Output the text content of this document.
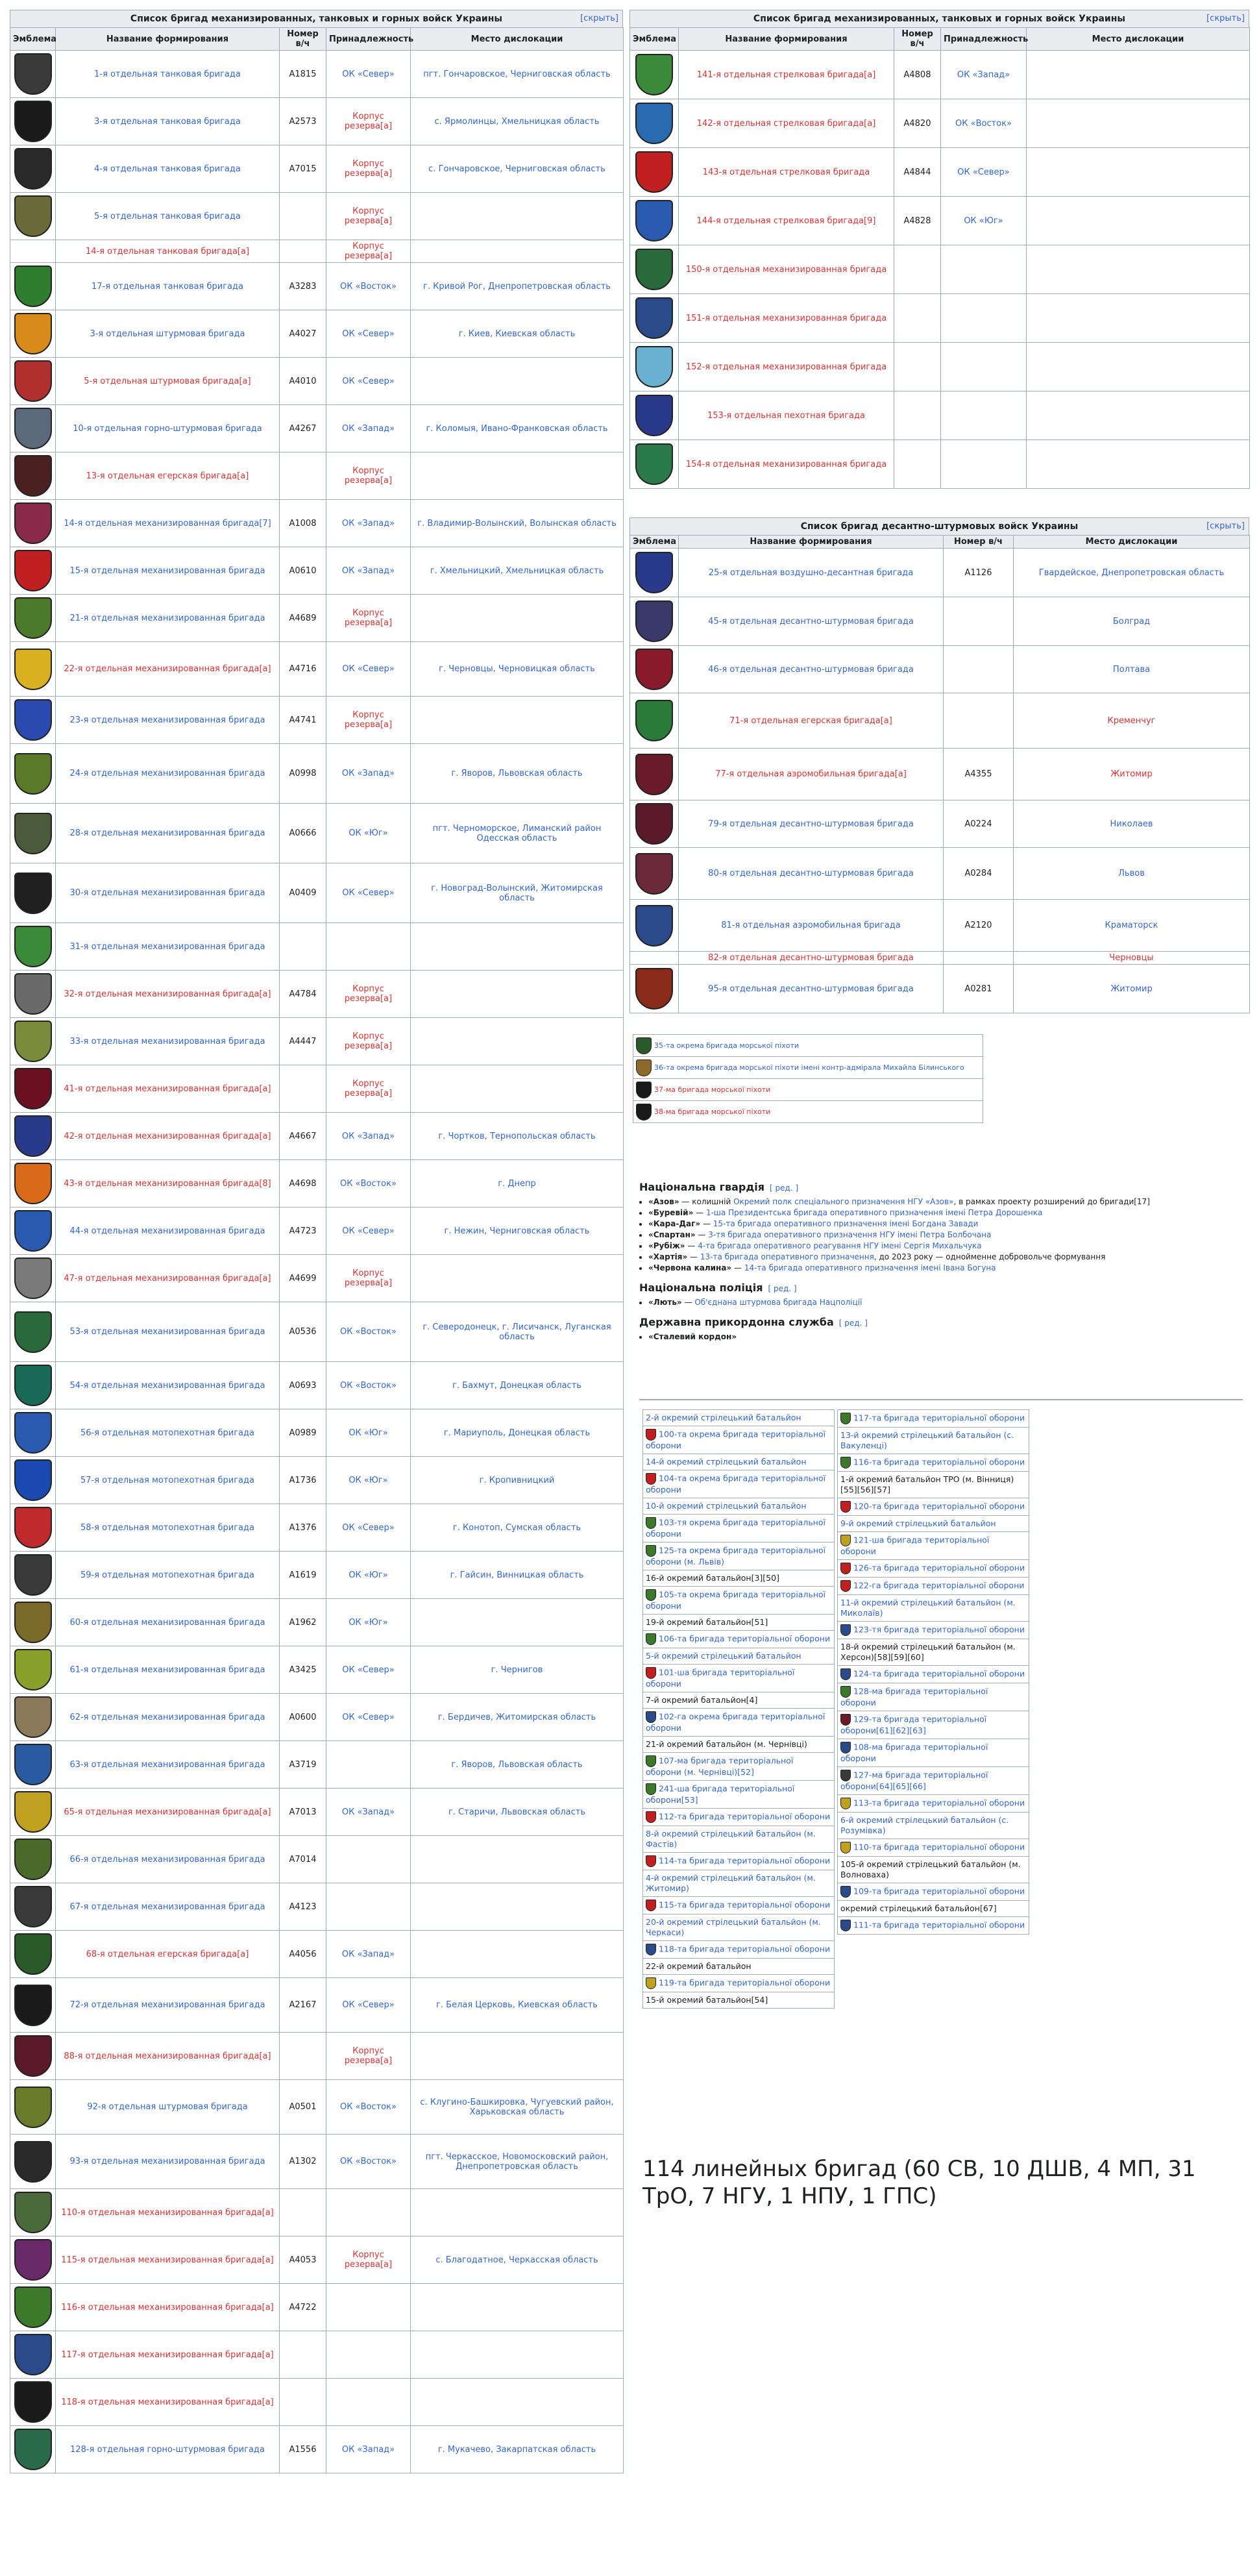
Список бригад механизированных, танковых и горных войск Украины	[скрыть]
Эмблема	Название формирования	Номер в/ч	Принадлежность	Место дислокации

	1-я отдельная танковая бригада	А1815	ОК «Север»	пгт. Гончаровское, Черниговская область

	3-я отдельная танковая бригада	А2573	Корпус резерва[a]	с. Ярмолинцы, Хмельницкая область

	4-я отдельная танковая бригада	А7015	Корпус резерва[a]	с. Гончаровское, Черниговская область

	5-я отдельная танковая бригада		Корпус резерва[a]	
	14-я отдельная танковая бригада[a]		Корпус резерва[a]	

	17-я отдельная танковая бригада	А3283	ОК «Восток»	г. Кривой Рог, Днепропетровская область

	3-я отдельная штурмовая бригада	А4027	ОК «Север»	г. Киев, Киевская область

	5-я отдельная штурмовая бригада[a]	А4010	ОК «Север»	

	10-я отдельная горно-штурмовая бригада	А4267	ОК «Запад»	г. Коломыя, Ивано-Франковская область

	13-я отдельная егерская бригада[a]		Корпус резерва[a]	

	14-я отдельная механизированная бригада[7]	А1008	ОК «Запад»	г. Владимир-Волынский, Волынская область

	15-я отдельная механизированная бригада	А0610	ОК «Запад»	г. Хмельницкий, Хмельницкая область

	21-я отдельная механизированная бригада	А4689	Корпус резерва[a]	

	22-я отдельная механизированная бригада[a]	А4716	ОК «Север»	г. Черновцы, Черновицкая область

	23-я отдельная механизированная бригада	А4741	Корпус резерва[a]	

	24-я отдельная механизированная бригада	А0998	ОК «Запад»	г. Яворов, Львовская область

	28-я отдельная механизированная бригада	А0666	ОК «Юг»	пгт. Черноморское, Лиманский район Одесская область

	30-я отдельная механизированная бригада	А0409	ОК «Север»	г. Новоград-Волынский, Житомирская область

	31-я отдельная механизированная бригада			

	32-я отдельная механизированная бригада[a]	А4784	Корпус резерва[a]	

	33-я отдельная механизированная бригада	А4447	Корпус резерва[a]	

	41-я отдельная механизированная бригада[a]		Корпус резерва[a]	

	42-я отдельная механизированная бригада[a]	А4667	ОК «Запад»	г. Чортков, Тернопольская область

	43-я отдельная механизированная бригада[8]	А4698	ОК «Восток»	г. Днепр

	44-я отдельная механизированная бригада	А4723	ОК «Север»	г. Нежин, Черниговская область

	47-я отдельная механизированная бригада[a]	А4699	Корпус резерва[a]	

	53-я отдельная механизированная бригада	А0536	ОК «Восток»	г. Северодонецк, г. Лисичанск, Луганская область

	54-я отдельная механизированная бригада	А0693	ОК «Восток»	г. Бахмут, Донецкая область

	56-я отдельная мотопехотная бригада	А0989	ОК «Юг»	г. Мариуполь, Донецкая область

	57-я отдельная мотопехотная бригада	А1736	ОК «Юг»	г. Кропивницкий

	58-я отдельная мотопехотная бригада	А1376	ОК «Север»	г. Конотоп, Сумская область

	59-я отдельная мотопехотная бригада	А1619	ОК «Юг»	г. Гайсин, Винницкая область

	60-я отдельная механизированная бригада	А1962	ОК «Юг»	

	61-я отдельная механизированная бригада	А3425	ОК «Север»	г. Чернигов

	62-я отдельная механизированная бригада	А0600	ОК «Север»	г. Бердичев, Житомирская область

	63-я отдельная механизированная бригада	А3719		г. Яворов, Львовская область

	65-я отдельная механизированная бригада[a]	А7013	ОК «Запад»	г. Старичи, Львовская область

	66-я отдельная механизированная бригада	А7014		

	67-я отдельная механизированная бригада	А4123		

	68-я отдельная егерская бригада[a]	А4056	ОК «Запад»	

	72-я отдельная механизированная бригада	А2167	ОК «Север»	г. Белая Церковь, Киевская область

	88-я отдельная механизированная бригада[a]		Корпус резерва[a]	

	92-я отдельная штурмовая бригада	А0501	ОК «Восток»	с. Клугино-Башкировка, Чугуевский район, Харьковская область

	93-я отдельная механизированная бригада	А1302	ОК «Восток»	пгт. Черкасское, Новомосковский район, Днепропетровская область

	110-я отдельная механизированная бригада[a]			

	115-я отдельная механизированная бригада[a]	А4053	Корпус резерва[a]	с. Благодатное, Черкасская область

	116-я отдельная механизированная бригада[a]	А4722		

	117-я отдельная механизированная бригада[a]			

	118-я отдельная механизированная бригада[a]			

	128-я отдельная горно-штурмовая бригада	А1556	ОК «Запад»	г. Мукачево, Закарпатская область
Список бригад механизированных, танковых и горных войск Украины	[скрыть]
Эмблема	Название формирования	Номер в/ч	Принадлежность	Место дислокации

	141-я отдельная стрелковая бригада[a]	А4808	ОК «Запад»	

	142-я отдельная стрелковая бригада[a]	А4820	ОК «Восток»	

	143-я отдельная стрелковая бригада	А4844	ОК «Север»	

	144-я отдельная стрелковая бригада[9]	А4828	ОК «Юг»	

	150-я отдельная механизированная бригада			

	151-я отдельная механизированная бригада			

	152-я отдельная механизированная бригада			

	153-я отдельная пехотная бригада			

	154-я отдельная механизированная бригада			
Список бригад десантно-штурмовых войск Украины	[скрыть]
Эмблема	Название формирования	Номер в/ч	Место дислокации

	25-я отдельная воздушно-десантная бригада	А1126	Гвардейское, Днепропетровская область

	45-я отдельная десантно-штурмовая бригада		Болград

	46-я отдельная десантно-штурмовая бригада		Полтава

	71-я отдельная егерская бригада[a]		Кременчуг

	77-я отдельная аэромобильная бригада[a]	А4355	Житомир

	79-я отдельная десантно-штурмовая бригада	А0224	Николаев

	80-я отдельная десантно-штурмовая бригада	А0284	Львов

	81-я отдельная аэромобильная бригада	А2120	Краматорск
	82-я отдельная десантно-штурмовая бригада		Черновцы

	95-я отдельная десантно-штурмовая бригада	А0281	Житомир
35-та окрема бригада морської піхоти
36-та окрема бригада морської піхоти імені контр-адмірала Михайла Білинського
37-ма бригада морської піхоти
38-ма бригада морської піхоти
Національна гвардія [ ред. ]
• «Азов» — колишній Окремий полк спеціального призначення НГУ «Азов», в рамках проекту розширений до бригади[17]
• «Буревій» — 1-ша Президентська бригада оперативного призначення імені Петра Дорошенка
• «Кара-Даг» — 15-та бригада оперативного призначення імені Богдана Завади
• «Спартан» — 3-тя бригада оперативного призначення НГУ імені Петра Болбочана
• «Рубіж» — 4-та бригада оперативного реагування НГУ імені Сергія Михальчука
• «Хартія» — 13-та бригада оперативного призначення, до 2023 року — однойменне добровольче формування
• «Червона калина» — 14-та бригада оперативного призначення імені Івана Богуна
Національна поліція [ ред. ]
• «Лють» — Об'єднана штурмова бригада Нацполіції
Державна прикордонна служба [ ред. ]
• «Сталевий кордон»
2-й окремий стрілецький батальйон
100-та окрема бригада територіальної оборони
14-й окремий стрілецький батальйон
104-та окрема бригада територіальної оборони
10-й окремий стрілецький батальйон
103-тя окрема бригада територіальної оборони
125-та окрема бригада територіальної оборони (м. Львів)
16-й окремий батальйон[3][50]
105-та окрема бригада територіальної оборони
19-й окремий батальйон[51]
106-та бригада територіальної оборони
5-й окремий стрілецький батальйон
101-ша бригада територіальної оборони
7-й окремий батальйон[4]
102-га окрема бригада територіальної оборони
21-й окремий батальйон (м. Чернівці)
107-ма бригада територіальної оборони (м. Чернівці)[52]
241-ша бригада територіальної оборони[53]
112-та бригада територіальної оборони
8-й окремий стрілецький батальйон (м. Фастів)
114-та бригада територіальної оборони
4-й окремий стрілецький батальйон (м. Житомир)
115-та бригада територіальної оборони
20-й окремий стрілецький батальйон (м. Черкаси)
118-та бригада територіальної оборони
22-й окремий батальйон
119-та бригада територіальної оборони
15-й окремий батальйон[54]
117-та бригада територіальної оборони
13-й окремий стрілецький батальйон (с. Вакуленці)
116-та бригада територіальної оборони
1-й окремий батальйон ТРО (м. Вінниця)[55][56][57]
120-та бригада територіальної оборони
9-й окремий стрілецький батальйон
121-ша бригада територіальної оборони
126-та бригада територіальної оборони
122-га бригада територіальної оборони
11-й окремий стрілецький батальйон (м. Миколаїв)
123-тя бригада територіальної оборони
18-й окремий стрілецький батальйон (м. Херсон)[58][59][60]
124-та бригада територіальної оборони
128-ма бригада територіальної оборони
129-та бригада територіальної оборони[61][62][63]
108-ма бригада територіальної оборони
127-ма бригада територіальної оборони[64][65][66]
113-та бригада територіальної оборони
6-й окремий стрілецький батальйон (с. Розумівка)
110-та бригада територіальної оборони
105-й окремий стрілецький батальйон (м. Волноваха)
109-та бригада територіальної оборони
окремий стрілецький батальйон[67]
111-та бригада територіальної оборони
114 линейных бригад (60 СВ, 10 ДШВ, 4 МП, 31 ТрО, 7 НГУ, 1 НПУ, 1 ГПС)
